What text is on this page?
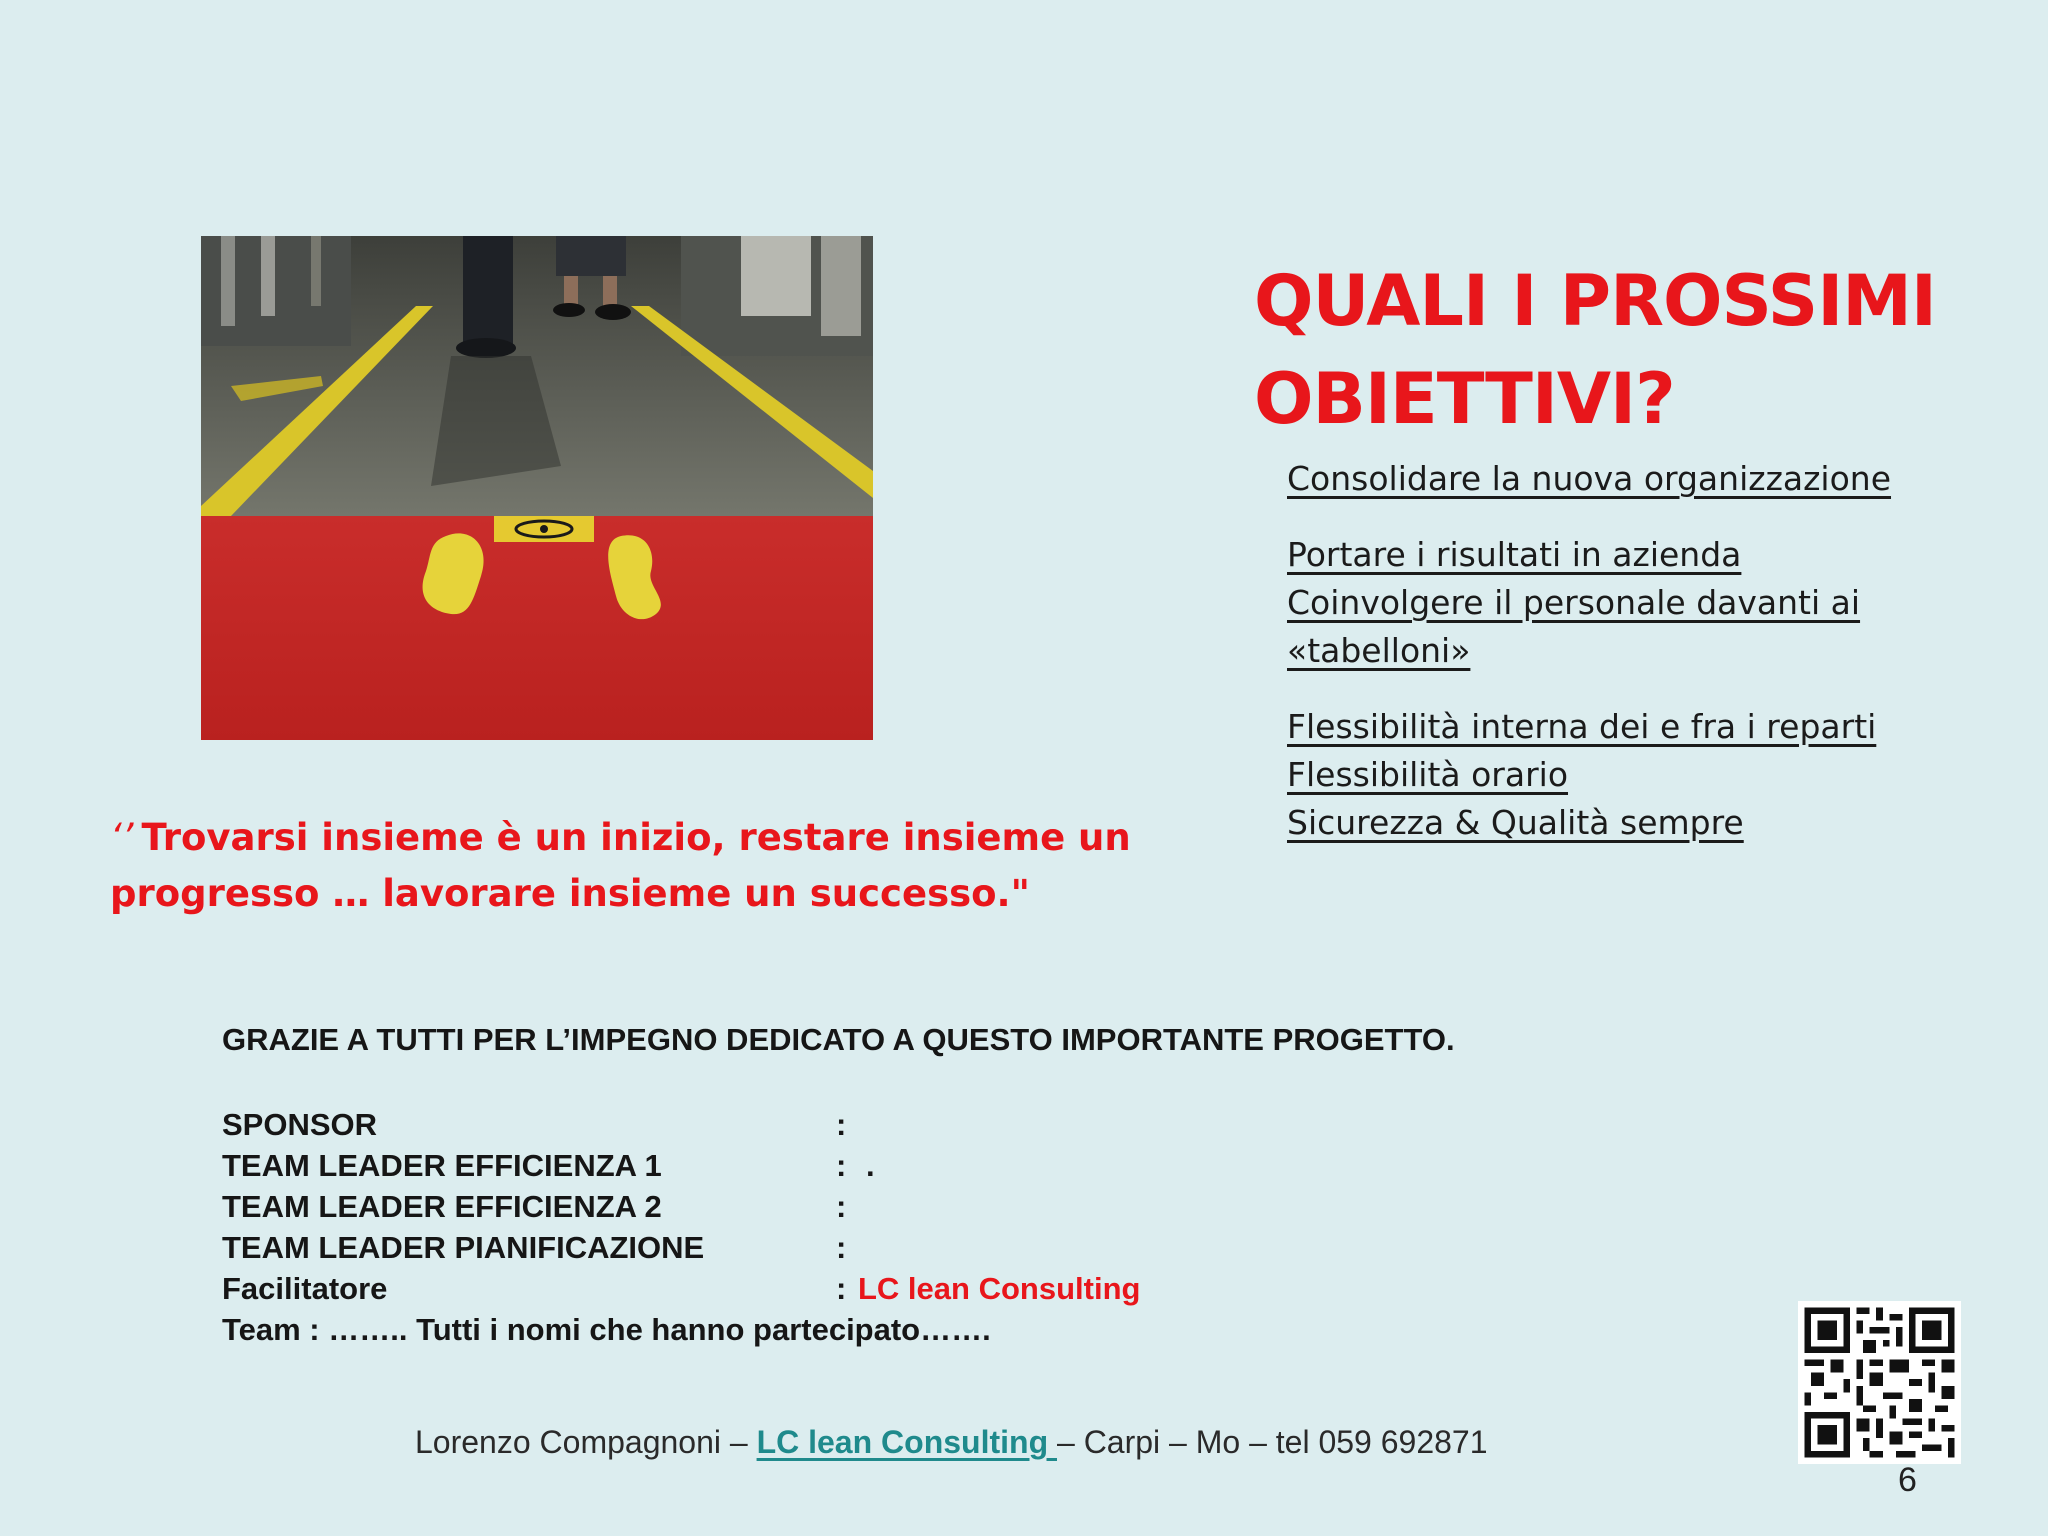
QUALI I PROSSIMI
OBIETTIVI?
Consolidare la nuova organizzazione
Portare i risultati in azienda
Coinvolgere il personale davanti ai
«tabelloni»
Flessibilità interna dei e fra i reparti
Flessibilità orario
Sicurezza & Qualità sempre
‘’ Trovarsi insieme è un inizio, restare insieme un
progresso … lavorare insieme un successo."
GRAZIE A TUTTI PER L’IMPEGNO DEDICATO A QUESTO IMPORTANTE PROGETTO.
SPONSOR	:
TEAM LEADER EFFICIENZA 1	: .
TEAM LEADER EFFICIENZA 2	:
TEAM LEADER PIANIFICAZIONE	:
Facilitatore	: LC lean Consulting
Team : …….. Tutti i nomi che hanno partecipato…….
Lorenzo Compagnoni – LC lean Consulting – Carpi – Mo – tel 059 692871
6
